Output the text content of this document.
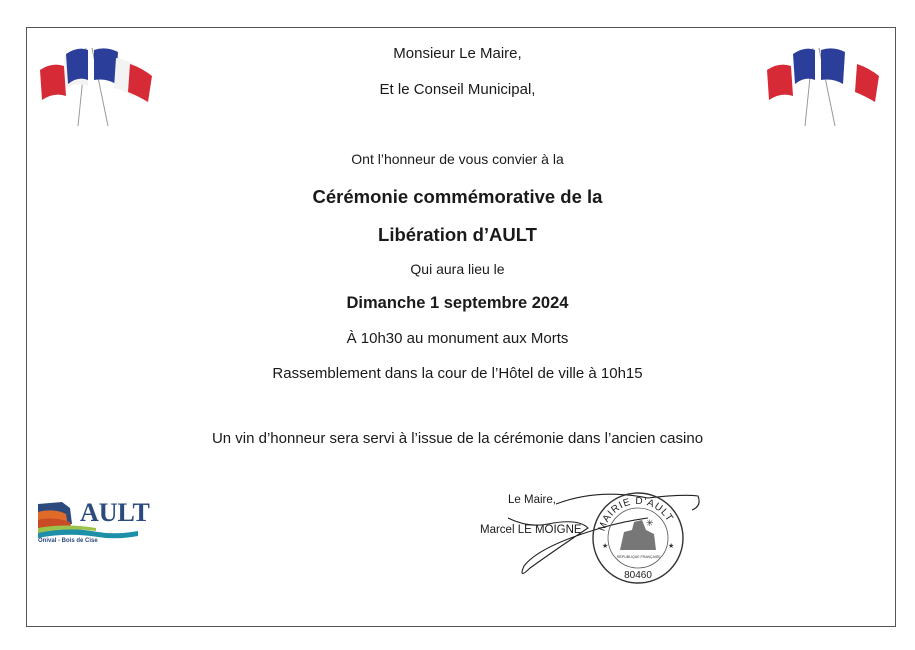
Monsieur Le Maire,
Et le Conseil Municipal,
Ont l’honneur de vous convier à la
Cérémonie commémorative de la
Libération d’AULT
Qui aura lieu le
Dimanche 1 septembre 2024
À 10h30 au monument aux Morts
Rassemblement dans la cour de l’Hôtel de ville à 10h15
Un vin d’honneur sera servi à l’issue de la cérémonie dans l’ancien casino
AULT
Onival - Bois de Cise
Le Maire,
Marcel LE MOIGNE MAIRIE D'AULT
✳
★	★
RÉPUBLIQUE FRANÇAISE
80460
